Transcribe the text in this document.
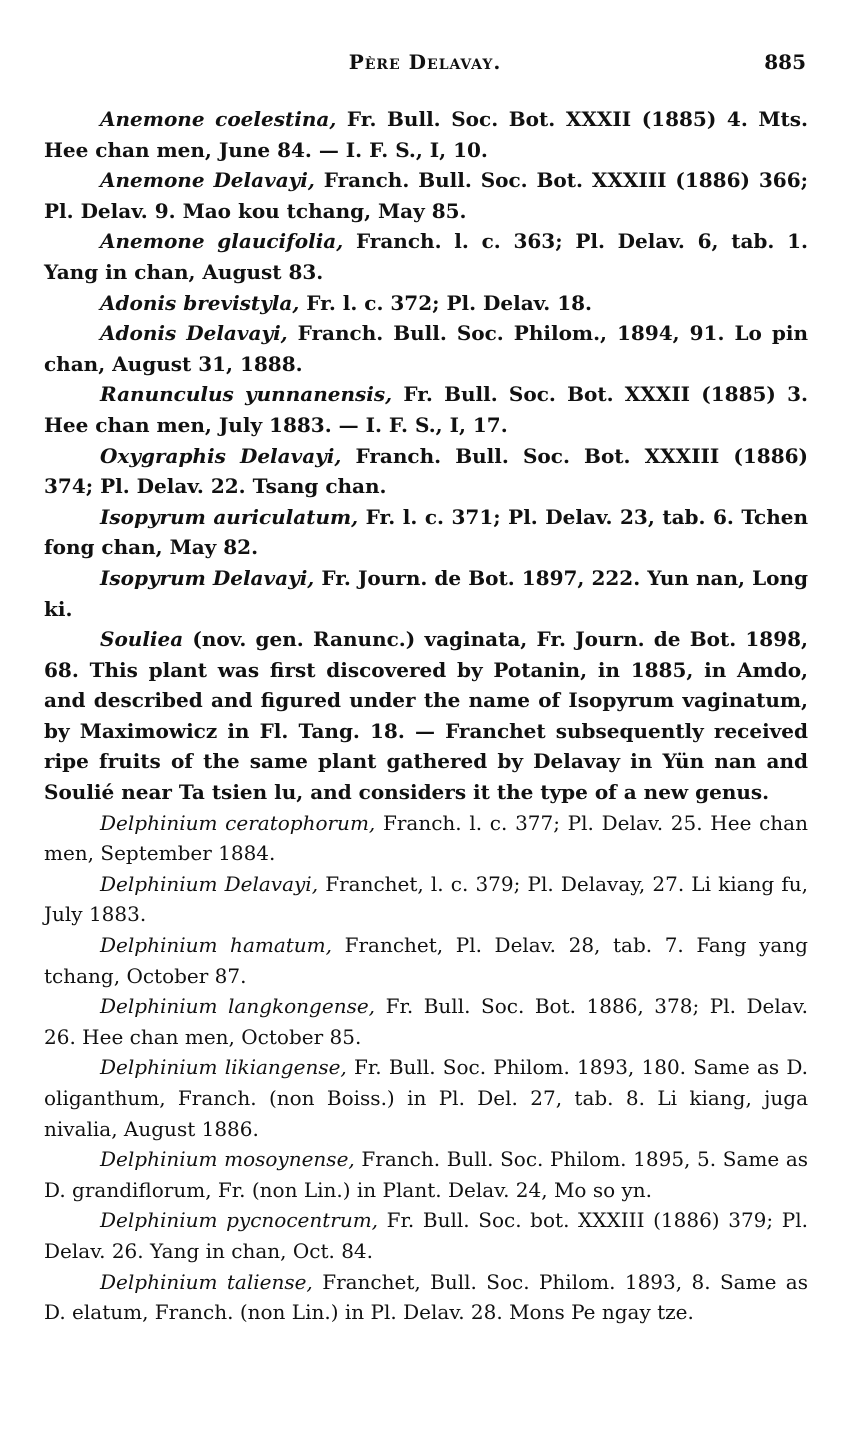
Père Delavay.	885

Anemone coelestina, Fr. Bull. Soc. Bot. XXXII (1885) 4. Mts. Hee chan men, June 84. — I. F. S., I, 10.

Anemone Delavayi, Franch. Bull. Soc. Bot. XXXIII (1886) 366; Pl. Delav. 9. Mao kou tchang, May 85.

Anemone glaucifolia, Franch. l. c. 363; Pl. Delav. 6, tab. 1. Yang in chan, August 83.

Adonis brevistyla, Fr. l. c. 372; Pl. Delav. 18.

Adonis Delavayi, Franch. Bull. Soc. Philom., 1894, 91. Lo pin chan, August 31, 1888.

Ranunculus yunnanensis, Fr. Bull. Soc. Bot. XXXII (1885) 3. Hee chan men, July 1883. — I. F. S., I, 17.

Oxygraphis Delavayi, Franch. Bull. Soc. Bot. XXXIII (1886) 374; Pl. Delav. 22. Tsang chan.

Isopyrum auriculatum, Fr. l. c. 371; Pl. Delav. 23, tab. 6. Tchen fong chan, May 82.

Isopyrum Delavayi, Fr. Journ. de Bot. 1897, 222. Yun nan, Long ki.

Souliea (nov. gen. Ranunc.) vaginata, Fr. Journ. de Bot. 1898, 68. This plant was first discovered by Potanin, in 1885, in Amdo, and described and figured under the name of Isopyrum vaginatum, by Maximowicz in Fl. Tang. 18. — Franchet subsequently received ripe fruits of the same plant gathered by Delavay in Yün nan and Soulié near Ta tsien lu, and considers it the type of a new genus.

Delphinium ceratophorum, Franch. l. c. 377; Pl. Delav. 25. Hee chan men, September 1884.

Delphinium Delavayi, Franchet, l. c. 379; Pl. Delavay, 27. Li kiang fu, July 1883.

Delphinium hamatum, Franchet, Pl. Delav. 28, tab. 7. Fang yang tchang, October 87.

Delphinium langkongense, Fr. Bull. Soc. Bot. 1886, 378; Pl. Delav. 26. Hee chan men, October 85.

Delphinium likiangense, Fr. Bull. Soc. Philom. 1893, 180. Same as D. oliganthum, Franch. (non Boiss.) in Pl. Del. 27, tab. 8. Li kiang, juga nivalia, August 1886.

Delphinium mosoynense, Franch. Bull. Soc. Philom. 1895, 5. Same as D. grandiflorum, Fr. (non Lin.) in Plant. Delav. 24, Mo so yn.

Delphinium pycnocentrum, Fr. Bull. Soc. bot. XXXIII (1886) 379; Pl. Delav. 26. Yang in chan, Oct. 84.

Delphinium taliense, Franchet, Bull. Soc. Philom. 1893, 8. Same as D. elatum, Franch. (non Lin.) in Pl. Delav. 28. Mons Pe ngay tze.
